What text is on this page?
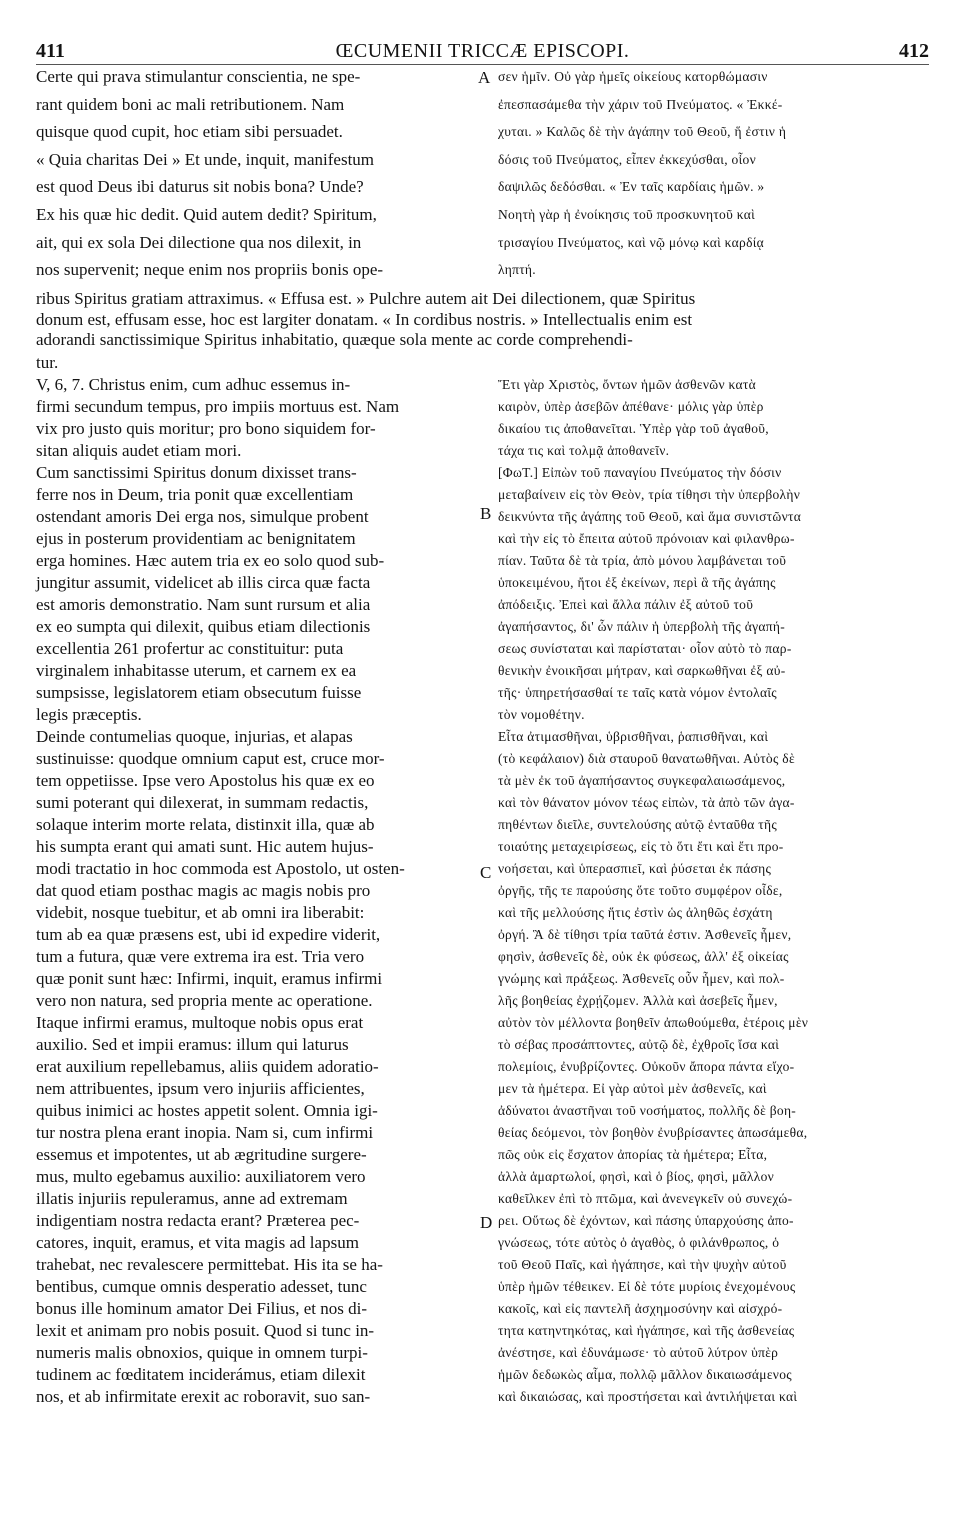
411	ŒCUMENII TRICCÆ EPISCOPI.	412
Certe qui prava stimulantur conscientia, ne spe-
rant quidem boni ac mali retributionem. Nam
quisque quod cupit, hoc etiam sibi persuadet.
« Quia charitas Dei » Et unde, inquit, manifestum
est quod Deus ibi daturus sit nobis bona? Unde?
Ex his quæ hic dedit. Quid autem dedit? Spiritum,
ait, qui ex sola Dei dilectione qua nos dilexit, in
nos supervenit; neque enim nos propriis bonis ope-
σεν ἡμῖν. Οὐ γὰρ ἡμεῖς οἰκείους κατορθώμασιν
ἐπεσπασάμεθα τὴν χάριν τοῦ Πνεύματος. « Ἐκκέ-
χυται. » Καλῶς δὲ τὴν ἀγάπην τοῦ Θεοῦ, ἥ ἐστιν ἡ
δόσις τοῦ Πνεύματος, εἶπεν ἐκκεχύσθαι, οἷον
δαψιλῶς δεδόσθαι. « Ἐν ταῖς καρδίαις ἡμῶν. »
Νοητὴ γὰρ ἡ ἐνοίκησις τοῦ προσκυνητοῦ καὶ
τρισαγίου Πνεύματος, καὶ νῷ μόνῳ καὶ καρδίᾳ
ληπτή.
ribus Spiritus gratiam attraximus. « Effusa est. » Pulchre autem ait Dei dilectionem, quæ Spiritus
donum est, effusam esse, hoc est largiter donatam. « In cordibus nostris. » Intellectualis enim est
adorandi sanctissimique Spiritus inhabitatio, quæque sola mente ac corde comprehendi-
tur.
V, 6, 7. Christus enim, cum adhuc essemus in-
firmi secundum tempus, pro impiis mortuus est. Nam
vix pro justo quis moritur; pro bono siquidem for-
sitan aliquis audet etiam mori.
Cum sanctissimi Spiritus donum dixisset trans-
ferre nos in Deum, tria ponit quæ excellentiam
ostendant amoris Dei erga nos, simulque probent
ejus in posterum providentiam ac benignitatem
erga homines. Hæc autem tria ex eo solo quod sub-
jungitur assumit, videlicet ab illis circa quæ facta
est amoris demonstratio. Nam sunt rursum et alia
ex eo sumpta qui dilexit, quibus etiam dilectionis
excellentia 261 profertur ac constituitur: puta
virginalem inhabitasse uterum, et carnem ex ea
sumpsisse, legislatorem etiam obsecutum fuisse
legis præceptis.
Deinde contumelias quoque, injurias, et alapas
sustinuisse: quodque omnium caput est, cruce mor-
tem oppetiisse. Ipse vero Apostolus his quæ ex eo
sumi poterant qui dilexerat, in summam redactis,
solaque interim morte relata, distinxit illa, quæ ab
his sumpta erant qui amati sunt. Hic autem hujus-
modi tractatio in hoc commoda est Apostolo, ut osten-
dat quod etiam posthac magis ac magis nobis pro
videbit, nosque tuebitur, et ab omni ira liberabit:
tum ab ea quæ præsens est, ubi id expedire viderit,
tum a futura, quæ vere extrema ira est. Tria vero
quæ ponit sunt hæc: Infirmi, inquit, eramus infirmi
vero non natura, sed propria mente ac operatione.
Itaque infirmi eramus, multoque nobis opus erat
auxilio. Sed et impii eramus: illum qui laturus
erat auxilium repellebamus, aliis quidem adoratio-
nem attribuentes, ipsum vero injuriis afficientes,
quibus inimici ac hostes appetit solent. Omnia igi-
tur nostra plena erant inopia. Nam si, cum infirmi
essemus et impotentes, ut ab ægritudine surgere-
mus, multo egebamus auxilio: auxiliatorem vero
illatis injuriis repuleramus, anne ad extremam
indigentiam nostra redacta erant? Præterea pec-
catores, inquit, eramus, et vita magis ad lapsum
trahebat, nec revalescere permittebat. His ita se ha-
bentibus, cumque omnis desperatio adesset, tunc
bonus ille hominum amator Dei Filius, et nos di-
lexit et animam pro nobis posuit. Quod si tunc in-
numeris malis obnoxios, quique in omnem turpi-
tudinem ac fœditatem inciderámus, etiam dilexit
nos, et ab infirmitate erexit ac roboravit, suo san-
Ἔτι γὰρ Χριστὸς, ὄντων ἡμῶν ἀσθενῶν κατὰ
καιρὸν, ὑπὲρ ἀσεβῶν ἀπέθανε· μόλις γὰρ ὑπὲρ
δικαίου τις ἀποθανεῖται. Ὑπὲρ γὰρ τοῦ ἀγαθοῦ,
τάχα τις καὶ τολμᾷ ἀποθανεῖν.
[ΦωΤ.] Εἰπὼν τοῦ παναγίου Πνεύματος τὴν δόσιν
μεταβαίνειν εἰς τὸν Θεὸν, τρία τίθησι τὴν ὑπερβολὴν
δεικνύντα τῆς ἀγάπης τοῦ Θεοῦ, καὶ ἅμα συνιστῶντα
καὶ τὴν εἰς τὸ ἔπειτα αὐτοῦ πρόνοιαν καὶ φιλανθρω-
πίαν. Ταῦτα δὲ τὰ τρία, ἀπὸ μόνου λαμβάνεται τοῦ
ὑποκειμένου, ἤτοι ἐξ ἐκείνων, περὶ ἃ τῆς ἀγάπης
ἀπόδειξις. Ἐπεὶ καὶ ἄλλα πάλιν ἐξ αὐτοῦ τοῦ
ἀγαπήσαντος, δι' ὧν πάλιν ἡ ὑπερβολὴ τῆς ἀγαπή-
σεως συνίσταται καὶ παρίσταται· οἷον αὐτὸ τὸ παρ-
θενικὴν ἐνοικῆσαι μήτραν, καὶ σαρκωθῆναι ἐξ αὐ-
τῆς· ὑπηρετήσασθαί τε ταῖς κατὰ νόμον ἐντολαῖς
τὸν νομοθέτην.
Εἶτα ἀτιμασθῆναι, ὑβρισθῆναι, ῥαπισθῆναι, καὶ
(τὸ κεφάλαιον) διὰ σταυροῦ θανατωθῆναι. Αὐτὸς δὲ
τὰ μὲν ἐκ τοῦ ἀγαπήσαντος συγκεφαλαιωσάμενος,
καὶ τὸν θάνατον μόνον τέως εἰπὼν, τὰ ἀπὸ τῶν ἀγα-
πηθέντων διεῖλε, συντελούσης αὐτῷ ἐνταῦθα τῆς
τοιαύτης μεταχειρίσεως, εἰς τὸ ὅτι ἔτι καὶ ἔτι προ-
νοήσεται, καὶ ὑπερασπιεῖ, καὶ ῥύσεται ἐκ πάσης
ὀργῆς, τῆς τε παρούσης ὅτε τοῦτο συμφέρον οἶδε,
καὶ τῆς μελλούσης ἥτις ἐστὶν ὡς ἀληθῶς ἐσχάτη
ὀργή. Ἃ δὲ τίθησι τρία ταῦτά ἐστιν. Ἀσθενεῖς ἦμεν,
φησὶν, ἀσθενεῖς δὲ, οὐκ ἐκ φύσεως, ἀλλ' ἐξ οἰκείας
γνώμης καὶ πράξεως. Ἀσθενεῖς οὖν ἦμεν, καὶ πολ-
λῆς βοηθείας ἐχρῄζομεν. Ἀλλὰ καὶ ἀσεβεῖς ἦμεν,
αὐτὸν τὸν μέλλοντα βοηθεῖν ἀπωθούμεθα, ἑτέροις μὲν
τὸ σέβας προσάπτοντες, αὐτῷ δὲ, ἐχθροῖς ἴσα καὶ
πολεμίοις, ἐνυβρίζοντες. Οὐκοῦν ἄπορα πάντα εἴχο-
μεν τὰ ἡμέτερα. Εἰ γὰρ αὐτοὶ μὲν ἀσθενεῖς, καὶ
ἀδύνατοι ἀναστῆναι τοῦ νοσήματος, πολλῆς δὲ βοη-
θείας δεόμενοι, τὸν βοηθὸν ἐνυβρίσαντες ἀπωσάμεθα,
πῶς οὐκ εἰς ἔσχατον ἀπορίας τὰ ἡμέτερα; Εἶτα,
ἀλλὰ ἁμαρτωλοί, φησὶ, καὶ ὁ βίος, φησὶ, μᾶλλον
καθεῖλκεν ἐπὶ τὸ πτῶμα, καὶ ἀνενεγκεῖν οὐ συνεχώ-
ρει. Οὕτως δὲ ἐχόντων, καὶ πάσης ὑπαρχούσης ἀπο-
γνώσεως, τότε αὐτὸς ὁ ἀγαθὸς, ὁ φιλάνθρωπος, ὁ
τοῦ Θεοῦ Παῖς, καὶ ἠγάπησε, καὶ τὴν ψυχὴν αὐτοῦ
ὑπὲρ ἡμῶν τέθεικεν. Εἰ δὲ τότε μυρίοις ἐνεχομένους
κακοῖς, καὶ εἰς παντελῆ ἀσχημοσύνην καὶ αἰσχρό-
τητα κατηντηκότας, καὶ ἠγάπησε, καὶ τῆς ἀσθενείας
ἀνέστησε, καὶ ἐδυνάμωσε· τὸ αὐτοῦ λύτρον ὑπὲρ
ἡμῶν δεδωκὼς αἷμα, πολλῷ μᾶλλον δικαιωσάμενος
καὶ δικαιώσας, καὶ προστήσεται καὶ ἀντιλήψεται καὶ
A
B
C
D
